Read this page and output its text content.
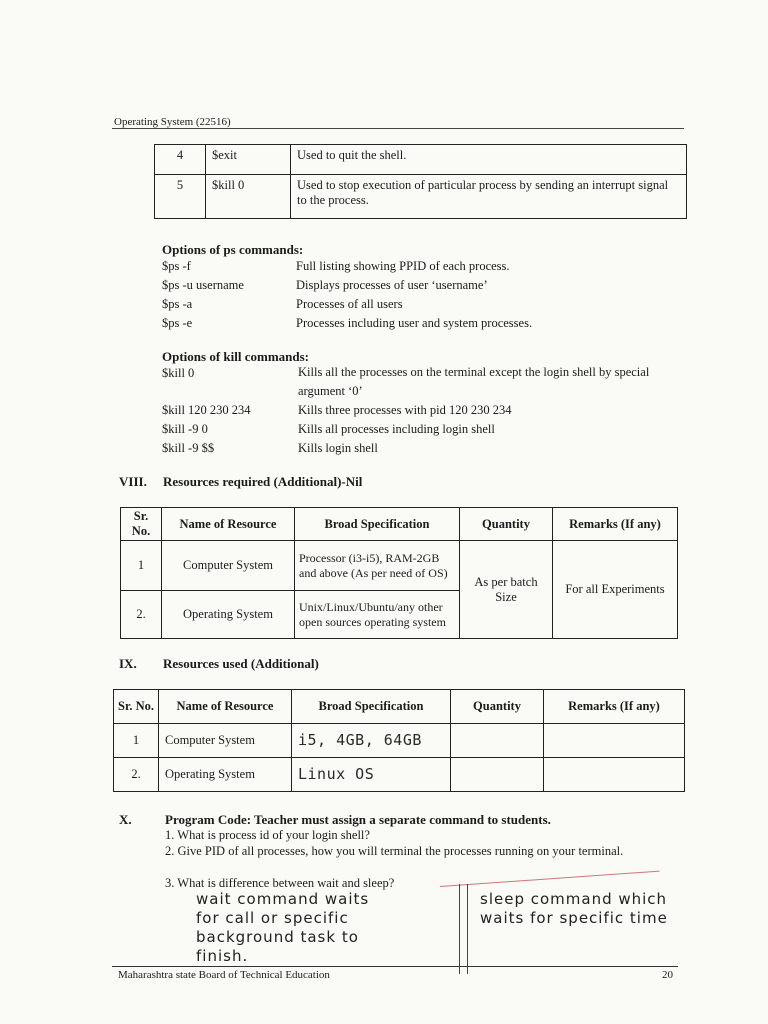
Operating System (22516)
4	$exit	Used to quit the shell.
5	$kill 0	Used to stop execution of particular process by sending an interrupt signal to the process.
Options of ps commands:
$ps -f	Full listing showing PPID of each process.
$ps -u username	Displays processes of user ‘username’
$ps -a	Processes of all users
$ps -e	Processes including user and system processes.
Options of kill commands:
$kill 0	Kills all the processes on the terminal except the login shell by special argument ‘0’
$kill 120 230 234	Kills three processes with pid 120 230 234
$kill -9 0	Kills all processes including login shell
$kill -9 $$	Kills login shell
VIII. Resources required (Additional)-Nil
Sr. No.	Name of Resource	Broad Specification	Quantity	Remarks (If any)
1	Computer System	Processor (i3-i5), RAM-2GB and above (As per need of OS)	As per batch Size	For all Experiments
2.	Operating System	Unix/Linux/Ubuntu/any other open sources operating system		
IX. Resources used (Additional)
Sr. No.	Name of Resource	Broad Specification	Quantity	Remarks (If any)
1	Computer System	i5, 4GB, 64GB		
2.	Operating System	Linux OS		
X.	Program Code: Teacher must assign a separate command to students.
1. What is process id of your login shell?
2. Give PID of all processes, how you will terminal the processes running on your terminal.
3. What is difference between wait and sleep?
wait command waits
for call or specific
background task to
finish.
sleep command which
waits for specific time
Maharashtra state Board of Technical Education	20
